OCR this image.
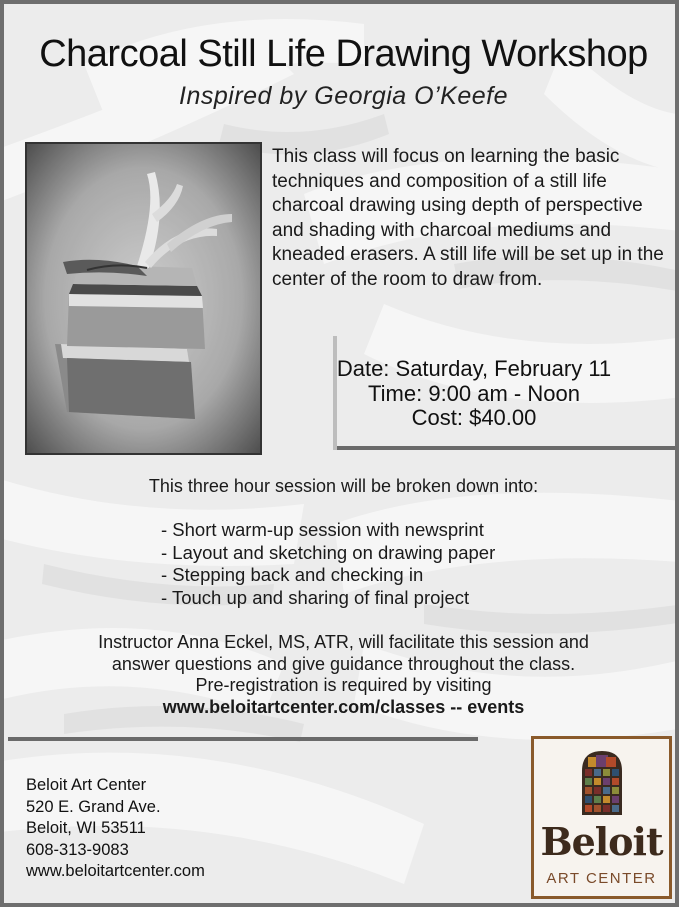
Charcoal Still Life Drawing Workshop
Inspired by Georgia O’Keefe
This class will focus on learning the basic techniques and composition of a still life charcoal drawing using depth of perspective and shading with charcoal mediums and kneaded erasers. A still life will be set up in the center of the room to draw from.
Date: Saturday, February 11
Time: 9:00 am - Noon
Cost: $40.00
This three hour session will be broken down into:
- Short warm-up session with newsprint
- Layout and sketching on drawing paper
- Stepping back and checking in
- Touch up and sharing of final project
Instructor Anna Eckel, MS, ATR, will facilitate this session and
answer questions and give guidance throughout the class.
Pre-registration is required by visiting
www.beloitartcenter.com/classes -- events
Beloit Art Center
520 E. Grand Ave.
Beloit, WI 53511
608-313-9083
www.beloitartcenter.com
Beloit
ART CENTER
